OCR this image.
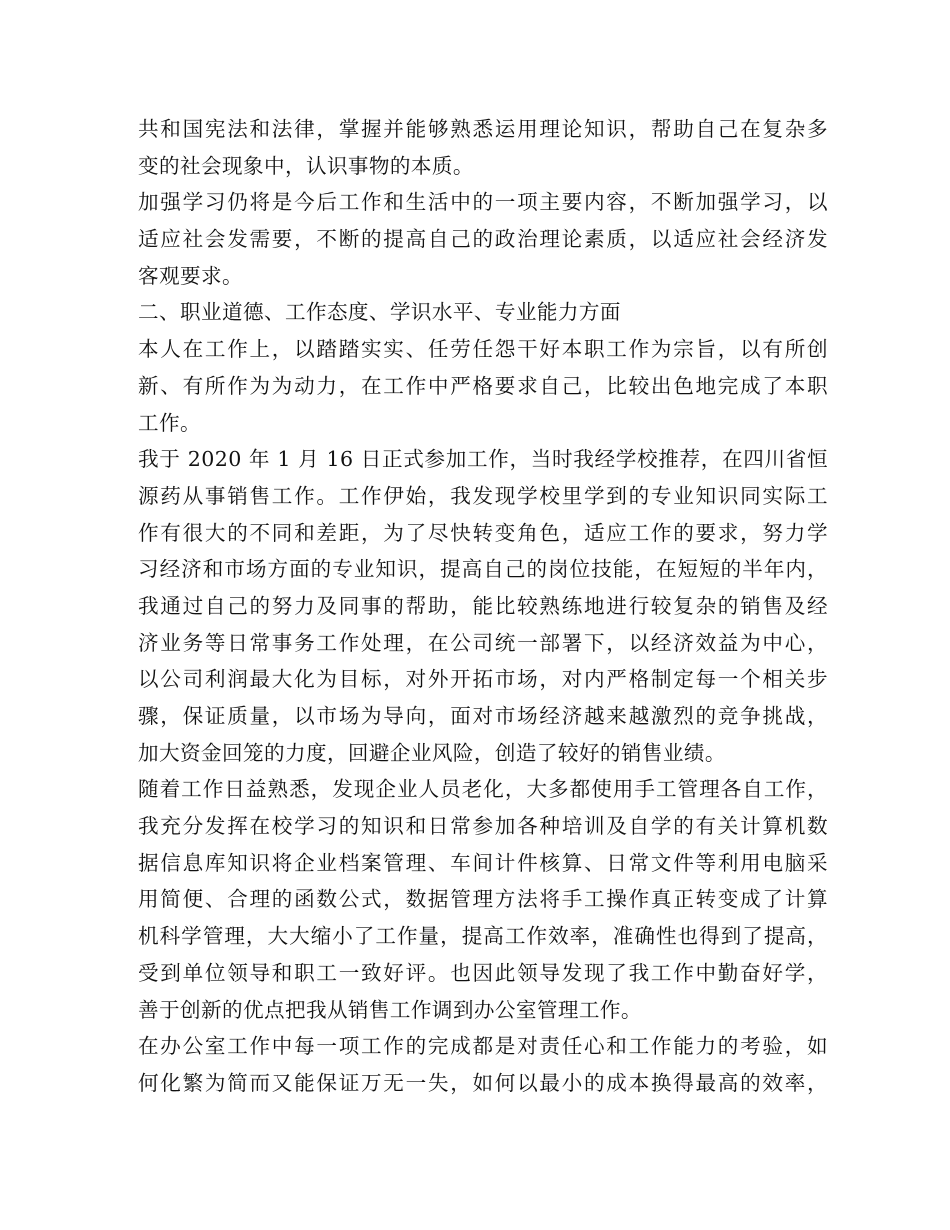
共和国宪法和法律，掌握并能够熟悉运用理论知识，帮助自己在复杂多
变的社会现象中，认识事物的本质。
加强学习仍将是今后工作和生活中的一项主要内容，不断加强学习，以
适应社会发需要，不断的提高自己的政治理论素质，以适应社会经济发
客观要求。
二、职业道德、工作态度、学识水平、专业能力方面
本人在工作上，以踏踏实实、任劳任怨干好本职工作为宗旨，以有所创
新、有所作为为动力，在工作中严格要求自己，比较出色地完成了本职
工作。
我于 2020 年 1 月 16 日正式参加工作，当时我经学校推荐，在四川省恒
源药从事销售工作。工作伊始，我发现学校里学到的专业知识同实际工
作有很大的不同和差距，为了尽快转变角色，适应工作的要求，努力学
习经济和市场方面的专业知识，提高自己的岗位技能，在短短的半年内，
我通过自己的努力及同事的帮助，能比较熟练地进行较复杂的销售及经
济业务等日常事务工作处理，在公司统一部署下，以经济效益为中心，
以公司利润最大化为目标，对外开拓市场，对内严格制定每一个相关步
骤，保证质量，以市场为导向，面对市场经济越来越激烈的竞争挑战，
加大资金回笼的力度，回避企业风险，创造了较好的销售业绩。
随着工作日益熟悉，发现企业人员老化，大多都使用手工管理各自工作，
我充分发挥在校学习的知识和日常参加各种培训及自学的有关计算机数
据信息库知识将企业档案管理、车间计件核算、日常文件等利用电脑采
用简便、合理的函数公式，数据管理方法将手工操作真正转变成了计算
机科学管理，大大缩小了工作量，提高工作效率，准确性也得到了提高，
受到单位领导和职工一致好评。也因此领导发现了我工作中勤奋好学，
善于创新的优点把我从销售工作调到办公室管理工作。
在办公室工作中每一项工作的完成都是对责任心和工作能力的考验，如
何化繁为简而又能保证万无一失，如何以最小的成本换得最高的效率，
